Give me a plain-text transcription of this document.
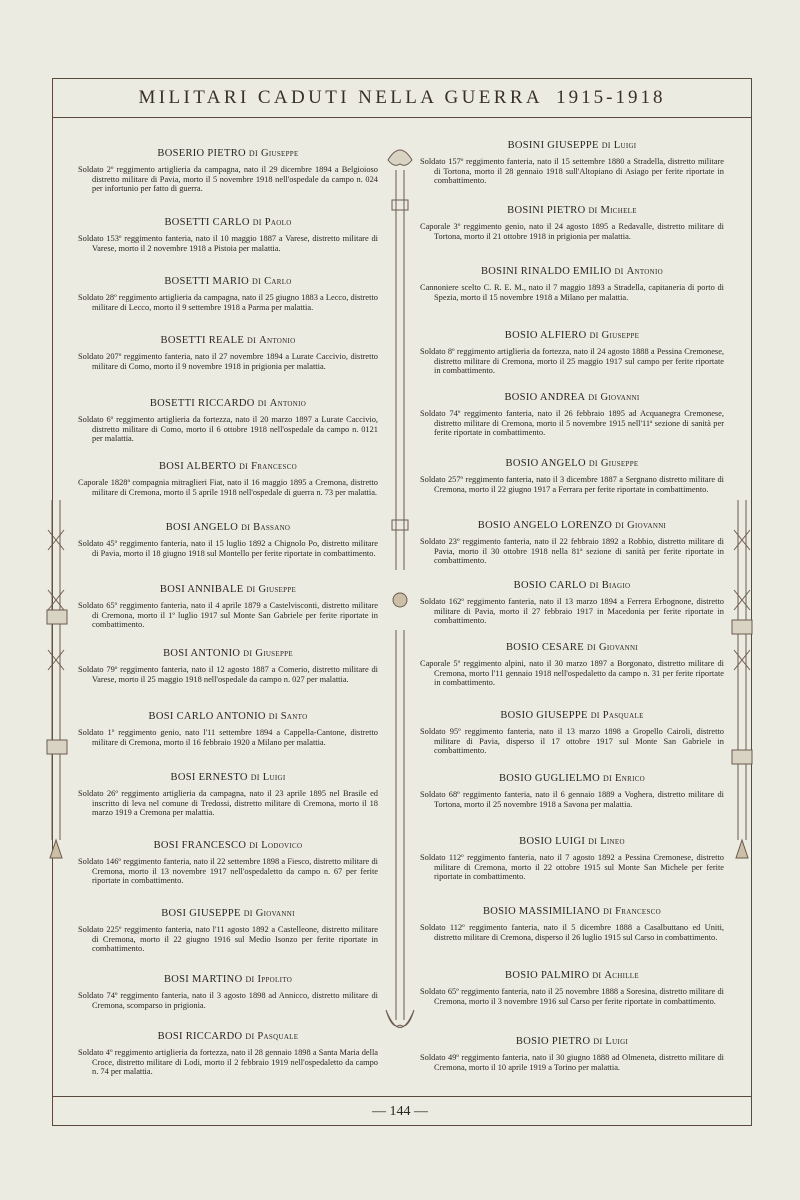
MILITARI CADUTI NELLA GUERRA 1915-1918
BOSERIO PIETRO DI Giuseppe
Soldato 2º reggimento artiglieria da campagna, nato il 29 dicembre 1894 a Belgioioso distretto militare di Pavia, morto il 5 novembre 1918 nell'ospedale da campo n. 024 per infortunio per fatto di guerra.
BOSETTI CARLO DI Paolo
Soldato 153º reggimento fanteria, nato il 10 maggio 1887 a Varese, distretto militare di Varese, morto il 2 novembre 1918 a Pistoia per malattia.
BOSETTI MARIO DI Carlo
Soldato 28º reggimento artiglieria da campagna, nato il 25 giugno 1883 a Lecco, distretto militare di Lecco, morto il 9 settembre 1918 a Parma per malattia.
BOSETTI REALE DI Antonio
Soldato 207º reggimento fanteria, nato il 27 novembre 1894 a Lurate Caccivio, distretto militare di Como, morto il 9 novembre 1918 in prigionia per malattia.
BOSETTI RICCARDO DI Antonio
Soldato 6º reggimento artiglieria da fortezza, nato il 20 marzo 1897 a Lurate Caccivio, distretto militare di Como, morto il 6 ottobre 1918 nell'ospedale da campo n. 0121 per malattia.
BOSI ALBERTO DI Francesco
Caporale 1828ª compagnia mitraglieri Fiat, nato il 16 maggio 1895 a Cremona, distretto militare di Cremona, morto il 5 aprile 1918 nell'ospedale di guerra n. 73 per malattia.
BOSI ANGELO DI Bassano
Soldato 45º reggimento fanteria, nato il 15 luglio 1892 a Chignolo Po, distretto militare di Pavia, morto il 18 giugno 1918 sul Montello per ferite riportate in combattimento.
BOSI ANNIBALE DI Giuseppe
Soldato 65º reggimento fanteria, nato il 4 aprile 1879 a Castelvisconti, distretto militare di Cremona, morto il 1º luglio 1917 sul Monte San Gabriele per ferite riportate in combattimento.
BOSI ANTONIO DI Giuseppe
Soldato 79º reggimento fanteria, nato il 12 agosto 1887 a Comerio, distretto militare di Varese, morto il 25 maggio 1918 nell'ospedale da campo n. 027 per malattia.
BOSI CARLO ANTONIO DI Santo
Soldato 1º reggimento genio, nato l'11 settembre 1894 a Cappella-Cantone, distretto militare di Cremona, morto il 16 febbraio 1920 a Milano per malattia.
BOSI ERNESTO DI Luigi
Soldato 26º reggimento artiglieria da campagna, nato il 23 aprile 1895 nel Brasile ed inscritto di leva nel comune di Tredossi, distretto militare di Cremona, morto il 18 marzo 1919 a Cremona per malattia.
BOSI FRANCESCO DI Lodovico
Soldato 146º reggimento fanteria, nato il 22 settembre 1898 a Fiesco, distretto militare di Cremona, morto il 13 novembre 1917 nell'ospedaletto da campo n. 67 per ferite riportate in combattimento.
BOSI GIUSEPPE DI Giovanni
Soldato 225º reggimento fanteria, nato l'11 agosto 1892 a Castelleone, distretto militare di Cremona, morto il 22 giugno 1916 sul Medio Isonzo per ferite riportate in combattimento.
BOSI MARTINO DI Ippolito
Soldato 74º reggimento fanteria, nato il 3 agosto 1898 ad Annicco, distretto militare di Cremona, scomparso in prigionia.
BOSI RICCARDO DI Pasquale
Soldato 4º reggimento artiglieria da fortezza, nato il 28 gennaio 1898 a Santa Maria della Croce, distretto militare di Lodi, morto il 2 febbraio 1919 nell'ospedaletto da campo n. 74 per malattia.
BOSINI GIUSEPPE DI Luigi
Soldato 157º reggimento fanteria, nato il 15 settembre 1880 a Stradella, distretto militare di Tortona, morto il 28 gennaio 1918 sull'Altopiano di Asiago per ferite riportate in combattimento.
BOSINI PIETRO DI Michele
Caporale 3º reggimento genio, nato il 24 agosto 1895 a Redavalle, distretto militare di Tortona, morto il 21 ottobre 1918 in prigionia per malattia.
BOSINI RINALDO EMILIO DI Antonio
Cannoniere scelto C. R. E. M., nato il 7 maggio 1893 a Stradella, capitaneria di porto di Spezia, morto il 15 novembre 1918 a Milano per malattia.
BOSIO ALFIERO DI Giuseppe
Soldato 8º reggimento artiglieria da fortezza, nato il 24 agosto 1888 a Pessina Cremonese, distretto militare di Cremona, morto il 25 maggio 1917 sul campo per ferite riportate in combattimento.
BOSIO ANDREA DI Giovanni
Soldato 74º reggimento fanteria, nato il 26 febbraio 1895 ad Acquanegra Cremonese, distretto militare di Cremona, morto il 5 novembre 1915 nell'11ª sezione di sanità per ferite riportate in combattimento.
BOSIO ANGELO DI Giuseppe
Soldato 257º reggimento fanteria, nato il 3 dicembre 1887 a Sergnano distretto militare di Cremona, morto il 22 giugno 1917 a Ferrara per ferite riportate in combattimento.
BOSIO ANGELO LORENZO DI Giovanni
Soldato 23º reggimento fanteria, nato il 22 febbraio 1892 a Robbio, distretto militare di Pavia, morto il 30 ottobre 1918 nella 81ª sezione di sanità per ferite riportate in combattimento.
BOSIO CARLO DI Biagio
Soldato 162º reggimento fanteria, nato il 13 marzo 1894 a Ferrera Erbognone, distretto militare di Pavia, morto il 27 febbraio 1917 in Macedonia per ferite riportate in combattimento.
BOSIO CESARE DI Giovanni
Caporale 5º reggimento alpini, nato il 30 marzo 1897 a Borgonato, distretto militare di Cremona, morto l'11 gennaio 1918 nell'ospedaletto da campo n. 31 per ferite riportate in combattimento.
BOSIO GIUSEPPE DI Pasquale
Soldato 95º reggimento fanteria, nato il 13 marzo 1898 a Gropello Cairoli, distretto militare di Pavia, disperso il 17 ottobre 1917 sul Monte San Gabriele in combattimento.
BOSIO GUGLIELMO DI Enrico
Soldato 68º reggimento fanteria, nato il 6 gennaio 1889 a Voghera, distretto militare di Tortona, morto il 25 novembre 1918 a Savona per malattia.
BOSIO LUIGI DI Lineo
Soldato 112º reggimento fanteria, nato il 7 agosto 1892 a Pessina Cremonese, distretto militare di Cremona, morto il 22 ottobre 1915 sul Monte San Michele per ferite riportate in combattimento.
BOSIO MASSIMILIANO DI Francesco
Soldato 112º reggimento fanteria, nato il 5 dicembre 1888 a Casalbuttano ed Uniti, distretto militare di Cremona, disperso il 26 luglio 1915 sul Carso in combattimento.
BOSIO PALMIRO DI Achille
Soldato 65º reggimento fanteria, nato il 25 novembre 1888 a Soresina, distretto militare di Cremona, morto il 3 novembre 1916 sul Carso per ferite riportate in combattimento.
BOSIO PIETRO DI Luigi
Soldato 49º reggimento fanteria, nato il 30 giugno 1888 ad Olmeneta, distretto militare di Cremona, morto il 10 aprile 1919 a Torino per malattia.
— 144 —
